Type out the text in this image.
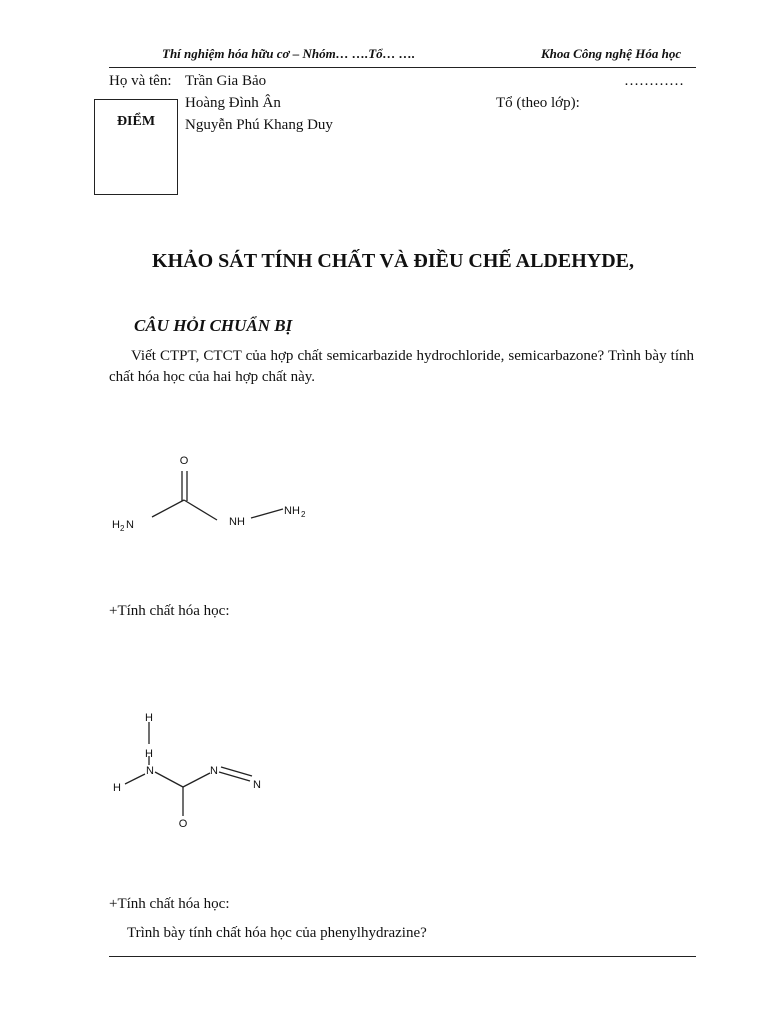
Thí nghiệm hóa hữu cơ – Nhóm… ….Tổ… ….	Khoa Công nghệ Hóa học
Họ và tên: Trần Gia Bảo
Hoàng Đình Ân
Nguyễn Phú Khang Duy
…………
Tổ (theo lớp):
ĐIỂM
KHẢO SÁT TÍNH CHẤT VÀ ĐIỀU CHẾ ALDEHYDE,
CÂU HỎI CHUẨN BỊ
Viết CTPT, CTCT của hợp chất semicarbazide hydrochloride, semicarbazone? Trình bày tính chất hóa học của hai hợp chất này.
O
H 2 N	NH
NH 2
+Tính chất hóa học:
H
H
H
N	N
N
O
+Tính chất hóa học:
Trình bày tính chất hóa học của phenylhydrazine?
